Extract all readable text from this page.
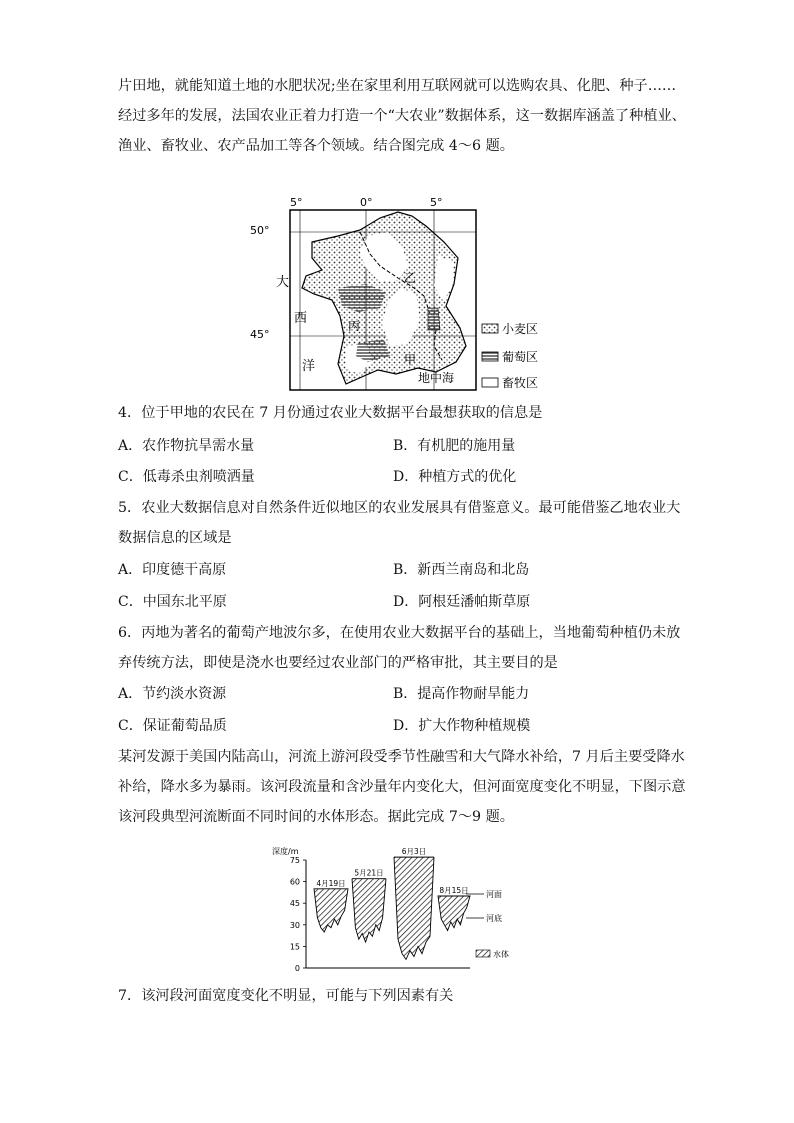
片田地，就能知道土地的水肥状况;坐在家里利用互联网就可以选购农具、化肥、种子……
经过多年的发展，法国农业正着力打造一个“大农业”数据体系，这一数据库涵盖了种植业、
渔业、畜牧业、农产品加工等各个领域。结合图完成 4～6 题。
5°	0°	5°
50°
45°
大
西
洋
乙
丙
甲
地中海
小麦区
葡萄区
畜牧区
4．位于甲地的农民在 7 月份通过农业大数据平台最想获取的信息是
A．农作物抗旱需水量	B．有机肥的施用量
C．低毒杀虫剂喷洒量	D．种植方式的优化
5．农业大数据信息对自然条件近似地区的农业发展具有借鉴意义。最可能借鉴乙地农业大
数据信息的区域是
A．印度德干高原	B．新西兰南岛和北岛
C．中国东北平原	D．阿根廷潘帕斯草原
6．丙地为著名的葡萄产地波尔多，在使用农业大数据平台的基础上，当地葡萄种植仍未放
弃传统方法，即使是浇水也要经过农业部门的严格审批，其主要目的是
A．节约淡水资源	B．提高作物耐旱能力
C．保证葡萄品质	D．扩大作物种植规模
某河发源于美国内陆高山，河流上游河段受季节性融雪和大气降水补给，7 月后主要受降水
补给，降水多为暴雨。该河段流量和含沙量年内变化大，但河面宽度变化不明显，下图示意
该河段典型河流断面不同时间的水体形态。据此完成 7～9 题。
深度/m
0
15
30
45
60
75
4月19日
5月21日
6月3日
8月15日 河面
河底
水体
7．该河段河面宽度变化不明显，可能与下列因素有关
